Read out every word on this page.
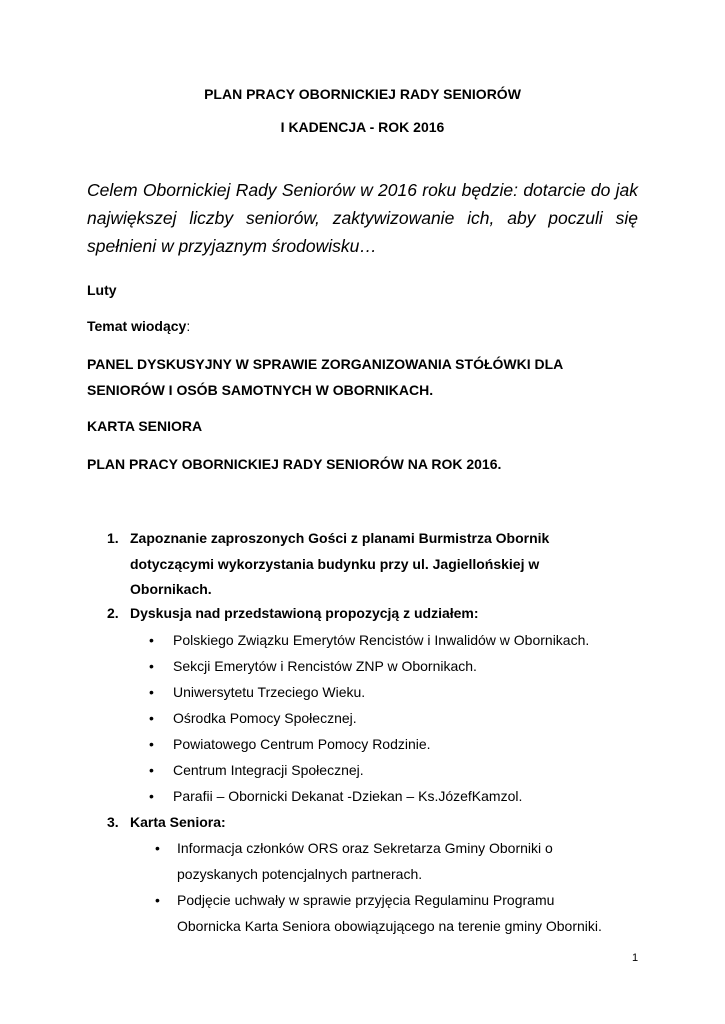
PLAN PRACY OBORNICKIEJ RADY SENIORÓW
I KADENCJA - ROK 2016
Celem Obornickiej Rady Seniorów w 2016 roku będzie: dotarcie do jak
największej liczby seniorów, zaktywizowanie ich, aby poczuli się
spełnieni w przyjaznym środowisku…
Luty
Temat wiodący:
PANEL DYSKUSYJNY W SPRAWIE ZORGANIZOWANIA STÓŁÓWKI DLA
SENIORÓW I OSÓB SAMOTNYCH W OBORNIKACH.
KARTA SENIORA
PLAN PRACY OBORNICKIEJ RADY SENIORÓW NA ROK 2016.
1. Zapoznanie zaproszonych Gości z planami Burmistrza Obornik
dotyczącymi wykorzystania budynku przy ul. Jagiellońskiej w
Obornikach.
2. Dyskusja nad przedstawioną propozycją z udziałem:
• Polskiego Związku Emerytów Rencistów i Inwalidów w Obornikach.
• Sekcji Emerytów i Rencistów ZNP w Obornikach.
• Uniwersytetu Trzeciego Wieku.
• Ośrodka Pomocy Społecznej.
• Powiatowego Centrum Pomocy Rodzinie.
• Centrum Integracji Społecznej.
• Parafii – Obornicki Dekanat -Dziekan – Ks.JózefKamzol.
3. Karta Seniora:
• Informacja członków ORS oraz Sekretarza Gminy Oborniki o
pozyskanych potencjalnych partnerach.
• Podjęcie uchwały w sprawie przyjęcia Regulaminu Programu
Obornicka Karta Seniora obowiązującego na terenie gminy Oborniki.
1
